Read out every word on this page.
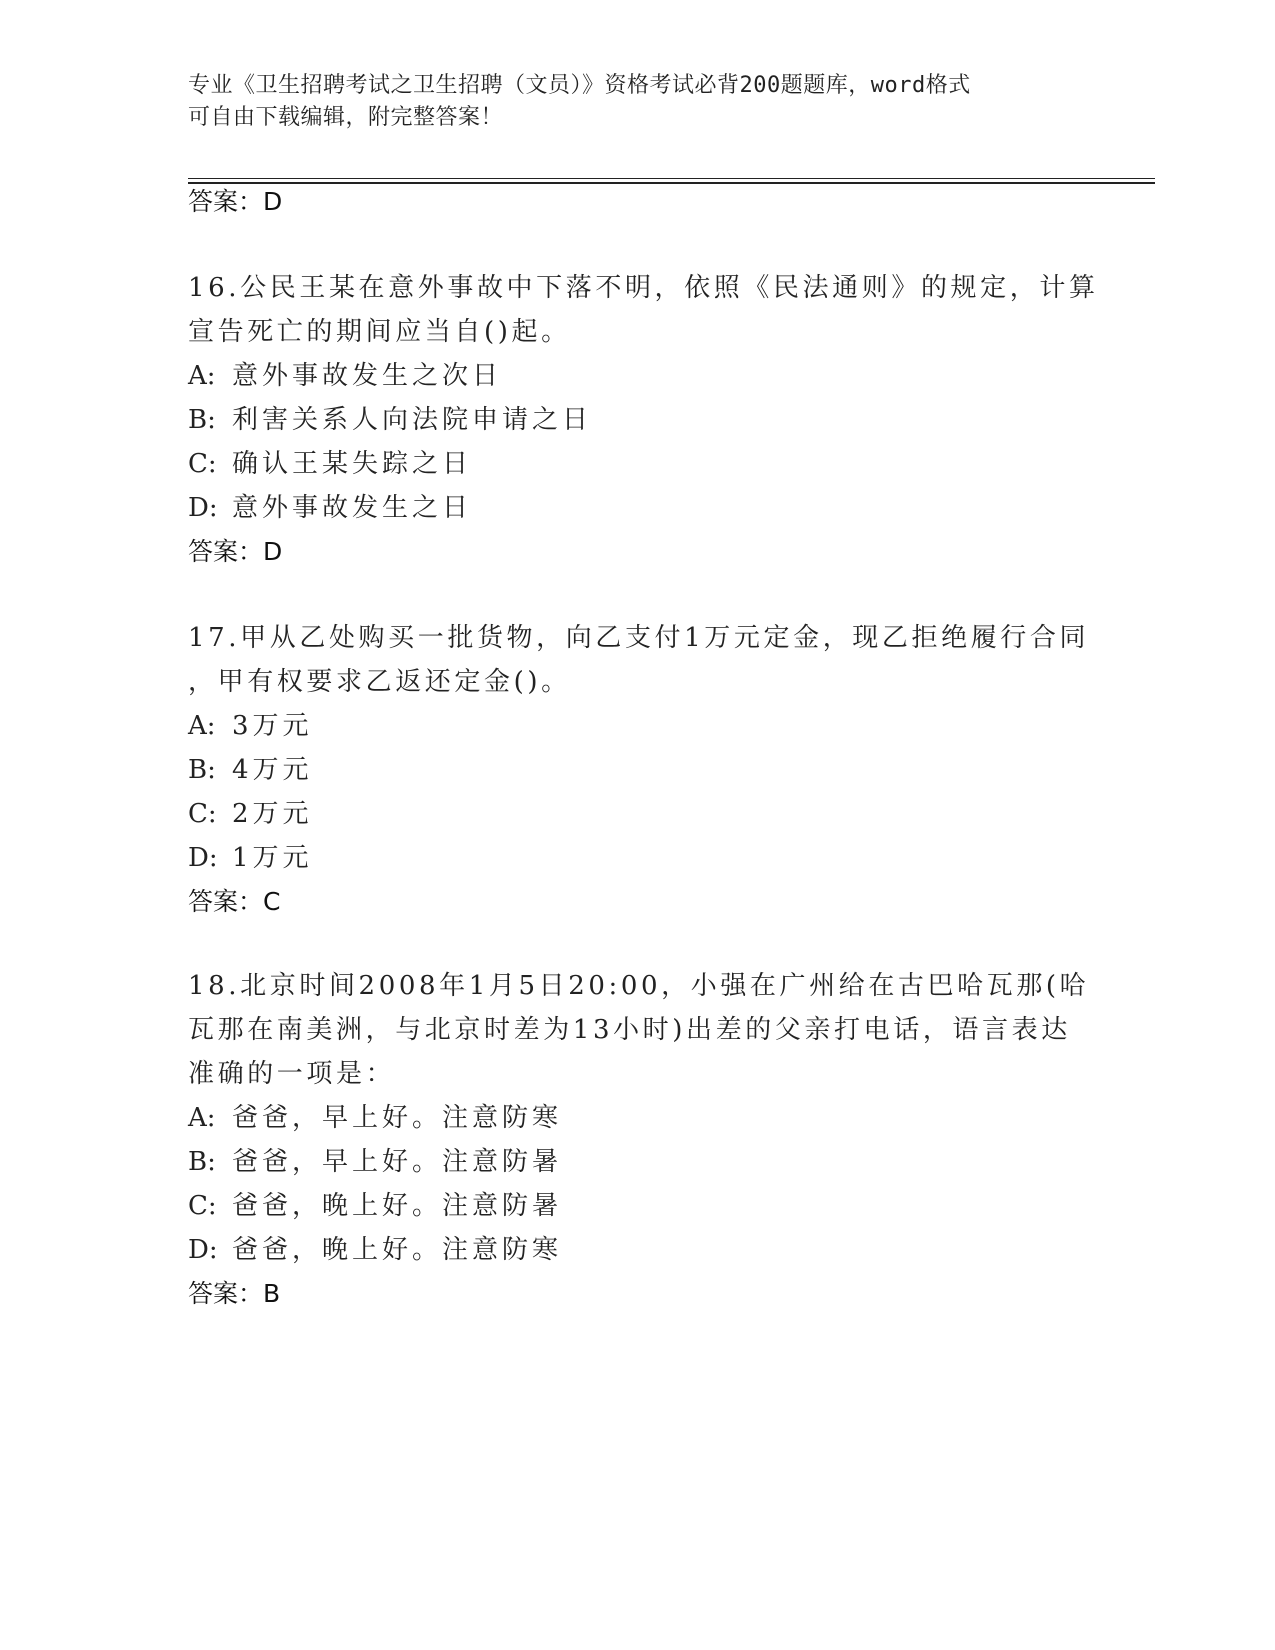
专业《卫生招聘考试之卫生招聘（文员）》资格考试必背200题题库，word格式
可自由下载编辑，附完整答案！
答案：D
16.公民王某在意外事故中下落不明，依照《民法通则》的规定，计算
宣告死亡的期间应当自()起。
A: 意外事故发生之次日
B: 利害关系人向法院申请之日
C: 确认王某失踪之日
D: 意外事故发生之日
答案：D
17.甲从乙处购买一批货物，向乙支付1万元定金，现乙拒绝履行合同
，甲有权要求乙返还定金()。
A: 3万元
B: 4万元
C: 2万元
D: 1万元
答案：C
18.北京时间2008年1月5日20:00，小强在广州给在古巴哈瓦那(哈
瓦那在南美洲，与北京时差为13小时)出差的父亲打电话，语言表达
准确的一项是：
A: 爸爸，早上好。注意防寒
B: 爸爸，早上好。注意防暑
C: 爸爸，晚上好。注意防暑
D: 爸爸，晚上好。注意防寒
答案：B
